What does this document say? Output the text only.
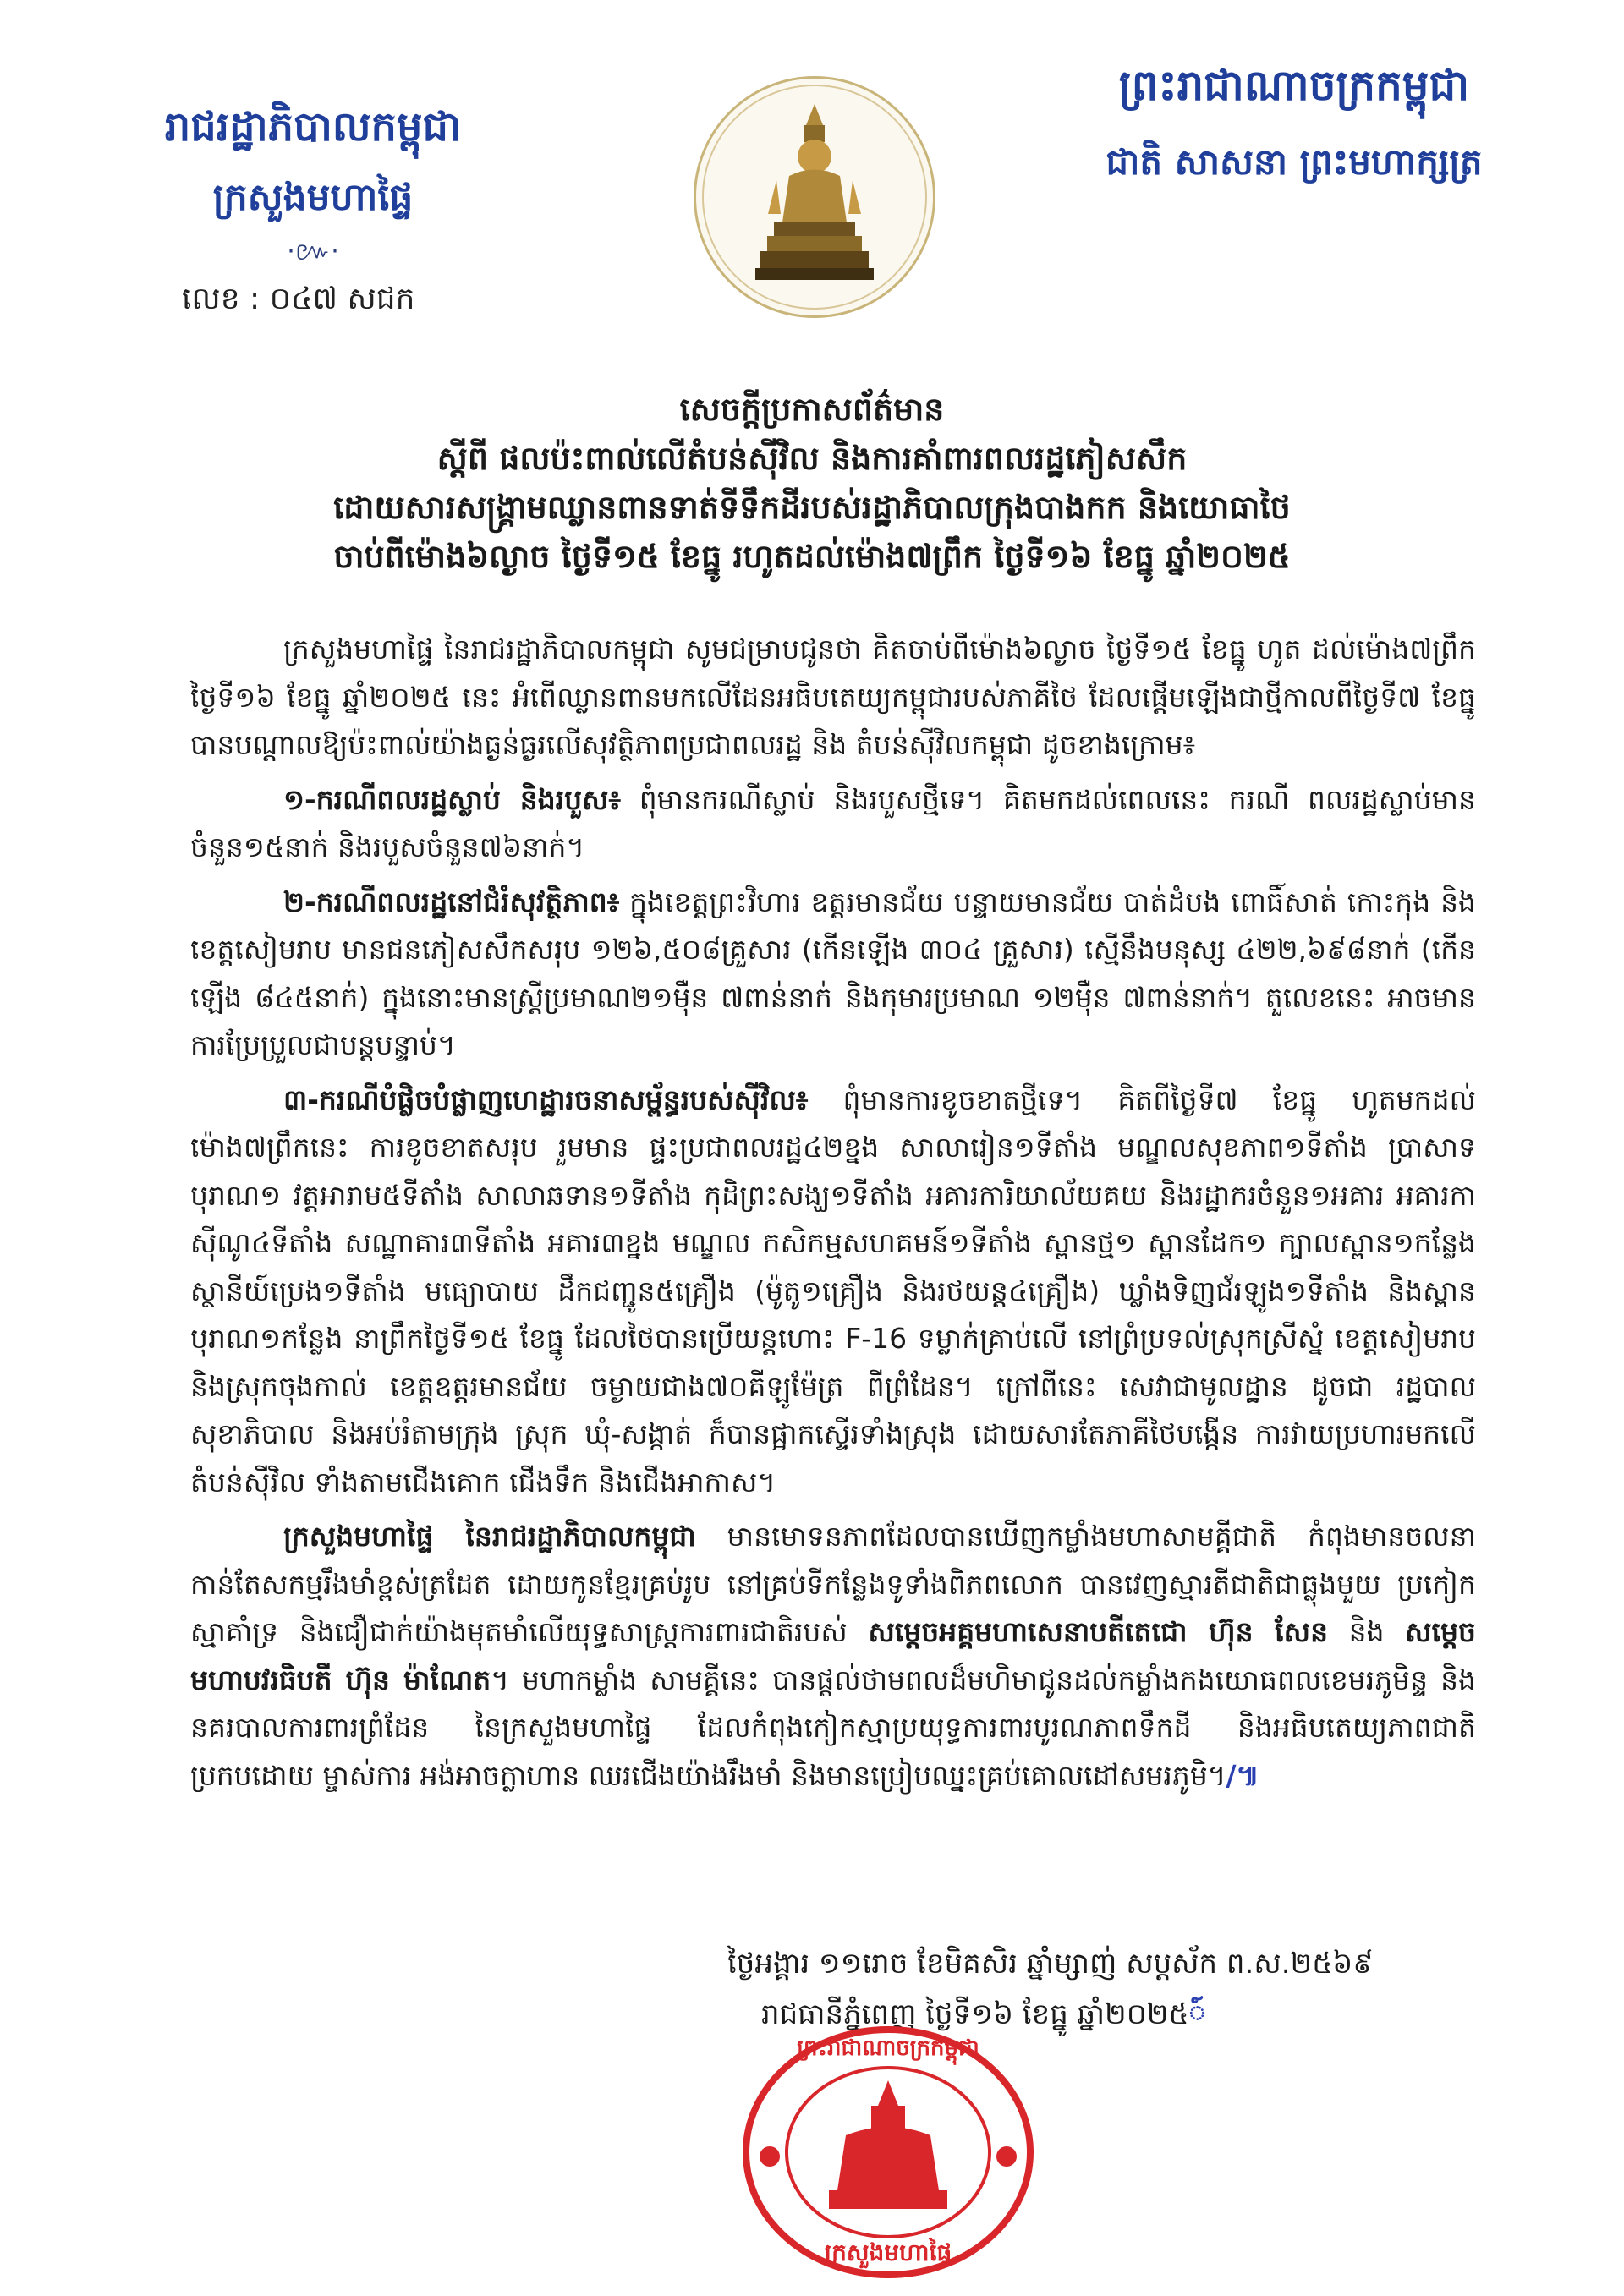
រាជរដ្ឋាភិបាលកម្ពុជា
ក្រសួងមហាផ្ទៃ
·៚·
លេខ : ០៤៧ សជក
ព្រះរាជាណាចក្រកម្ពុជា
ជាតិ សាសនា ព្រះមហាក្សត្រ
សេចក្តីប្រកាសព័ត៌មាន
ស្តីពី ផលប៉ះពាល់លើតំបន់ស៊ីវិល និងការគាំពារពលរដ្ឋភៀសសឹក
ដោយសារសង្គ្រាមឈ្លានពានទាត់ទីទឹកដីរបស់រដ្ឋាភិបាលក្រុងបាងកក និងយោធាថៃ
ចាប់ពីម៉ោង៦ល្ងាច ថ្ងៃទី១៥ ខែធ្នូ រហូតដល់ម៉ោង៧ព្រឹក ថ្ងៃទី១៦ ខែធ្នូ ឆ្នាំ២០២៥

ក្រសួងមហាផ្ទៃ នៃរាជរដ្ឋាភិបាលកម្ពុជា សូមជម្រាបជូនថា គិតចាប់ពីម៉ោង៦ល្ងាច ថ្ងៃទី១៥ ខែធ្នូ ហូត ដល់ម៉ោង៧ព្រឹក ថ្ងៃទី១៦ ខែធ្នូ ឆ្នាំ២០២៥ នេះ អំពើឈ្លានពានមកលើដែនអធិបតេយ្យកម្ពុជារបស់ភាគីថៃ ដែលផ្តើមឡើងជាថ្មីកាលពីថ្ងៃទី៧ ខែធ្នូ បានបណ្តាលឱ្យប៉ះពាល់យ៉ាងធ្ងន់ធ្ងរលើសុវត្ថិភាពប្រជាពលរដ្ឋ និង តំបន់ស៊ីវិលកម្ពុជា ដូចខាងក្រោម៖

១-ករណីពលរដ្ឋស្លាប់ និងរបួស៖ ពុំមានករណីស្លាប់ និងរបួសថ្មីទេ។ គិតមកដល់ពេលនេះ ករណី ពលរដ្ឋស្លាប់មានចំនួន១៥នាក់ និងរបួសចំនួន៧៦នាក់។

២-ករណីពលរដ្ឋនៅជំរំសុវត្ថិភាព៖ ក្នុងខេត្តព្រះវិហារ ឧត្តរមានជ័យ បន្ទាយមានជ័យ បាត់ដំបង ពោធិ៍សាត់ កោះកុង និងខេត្តសៀមរាប មានជនភៀសសឹកសរុប ១២៦,៥០៨គ្រួសារ (កើនឡើង ៣០៤ គ្រួសារ) ស្មើនឹងមនុស្ស ៤២២,៦៩៨នាក់ (កើនឡើង ៨៤៥នាក់) ក្នុងនោះមានស្ត្រីប្រមាណ២១ម៉ឺន ៧ពាន់នាក់ និងកុមារប្រមាណ ១២ម៉ឺន ៧ពាន់នាក់។ តួលេខនេះ អាចមានការប្រែប្រួលជាបន្តបន្ទាប់។

៣-ករណីបំផ្លិចបំផ្លាញហេដ្ឋារចនាសម្ព័ន្ធរបស់ស៊ីវិល៖ ពុំមានការខូចខាតថ្មីទេ។ គិតពីថ្ងៃទី៧ ខែធ្នូ ហូតមកដល់ម៉ោង៧ព្រឹកនេះ ការខូចខាតសរុប រួមមាន ផ្ទះប្រជាពលរដ្ឋ៤២ខ្នង សាលារៀន១ទីតាំង មណ្ឌលសុខភាព១ទីតាំង ប្រាសាទបុរាណ១ វត្តអារាម៥ទីតាំង សាលាឆទាន១ទីតាំង កុដិព្រះសង្ឃ១ទីតាំង អគារការិយាល័យគយ និងរដ្ឋាករចំនួន១អគារ អគារកាស៊ីណូ៤ទីតាំង សណ្ឋាគារ៣ទីតាំង អគារ៣ខ្នង មណ្ឌល កសិកម្មសហគមន៍១ទីតាំង ស្ពានថ្ម១ ស្ពានដែក១ ក្បាលស្ពាន១កន្លែង ស្ថានីយ៍ប្រេង១ទីតាំង មធ្យោបាយ ដឹកជញ្ជូន៥គ្រឿង (ម៉ូតូ១គ្រឿង និងរថយន្ត៤គ្រឿង) ឃ្លាំងទិញជ័រឡូង១ទីតាំង និងស្ពានបុរាណ១កន្លែង នាព្រឹកថ្ងៃទី១៥ ខែធ្នូ ដែលថៃបានប្រើយន្តហោះ F-16 ទម្លាក់គ្រាប់លើ នៅព្រំប្រទល់ស្រុកស្រីស្នំ ខេត្តសៀមរាប និងស្រុកចុងកាល់ ខេត្តឧត្តរមានជ័យ ចម្ងាយជាង៧០គីឡូម៉ែត្រ ពីព្រំដែន។ ក្រៅពីនេះ សេវាជាមូលដ្ឋាន ដូចជា រដ្ឋបាល សុខាភិបាល និងអប់រំតាមក្រុង ស្រុក ឃុំ-សង្កាត់ ក៏បានផ្អាកស្ទើរទាំងស្រុង ដោយសារតែភាគីថៃបង្កើន ការវាយប្រហារមកលើតំបន់ស៊ីវិល ទាំងតាមជើងគោក ជើងទឹក និងជើងអាកាស។

ក្រសួងមហាផ្ទៃ នៃរាជរដ្ឋាភិបាលកម្ពុជា មានមោទនភាពដែលបានឃើញកម្លាំងមហាសាមគ្គីជាតិ កំពុងមានចលនាកាន់តែសកម្មរឹងមាំខ្ពស់ត្រដែត ដោយកូនខ្មែរគ្រប់រូប នៅគ្រប់ទីកន្លែងទូទាំងពិភពលោក បានវេញស្មារតីជាតិជាធ្លុងមួយ ប្រកៀកស្មាគាំទ្រ និងជឿជាក់យ៉ាងមុតមាំលើយុទ្ធសាស្ត្រការពារជាតិរបស់ សម្តេចអគ្គមហាសេនាបតីតេជោ ហ៊ុន សែន និង សម្តេចមហាបវរធិបតី ហ៊ុន ម៉ាណែត។ មហាកម្លាំង សាមគ្គីនេះ បានផ្តល់ថាមពលដ៏មហិមាជូនដល់កម្លាំងកងយោធពលខេមរភូមិន្ទ និងនគរបាលការពារព្រំដែន នៃក្រសួងមហាផ្ទៃ ដែលកំពុងកៀកស្មាប្រយុទ្ធការពារបូរណភាពទឹកដី និងអធិបតេយ្យភាពជាតិ ប្រកបដោយ ម្ចាស់ការ អង់អាចក្លាហាន ឈរជើងយ៉ាងរឹងមាំ និងមានប្រៀបឈ្នះគ្រប់គោលដៅសមរភូមិ។/៕

ថ្ងៃអង្គារ ១១រោច ខែមិគសិរ ឆ្នាំម្សាញ់ សប្តស័ក ព.ស.២៥៦៩
រាជធានីភ្នំពេញ ថ្ងៃទី១៦ ខែធ្នូ ឆ្នាំ២០២៥៍
ព្រះរាជាណាចក្រកម្ពុជា
ក្រសួងមហាផ្ទៃ
